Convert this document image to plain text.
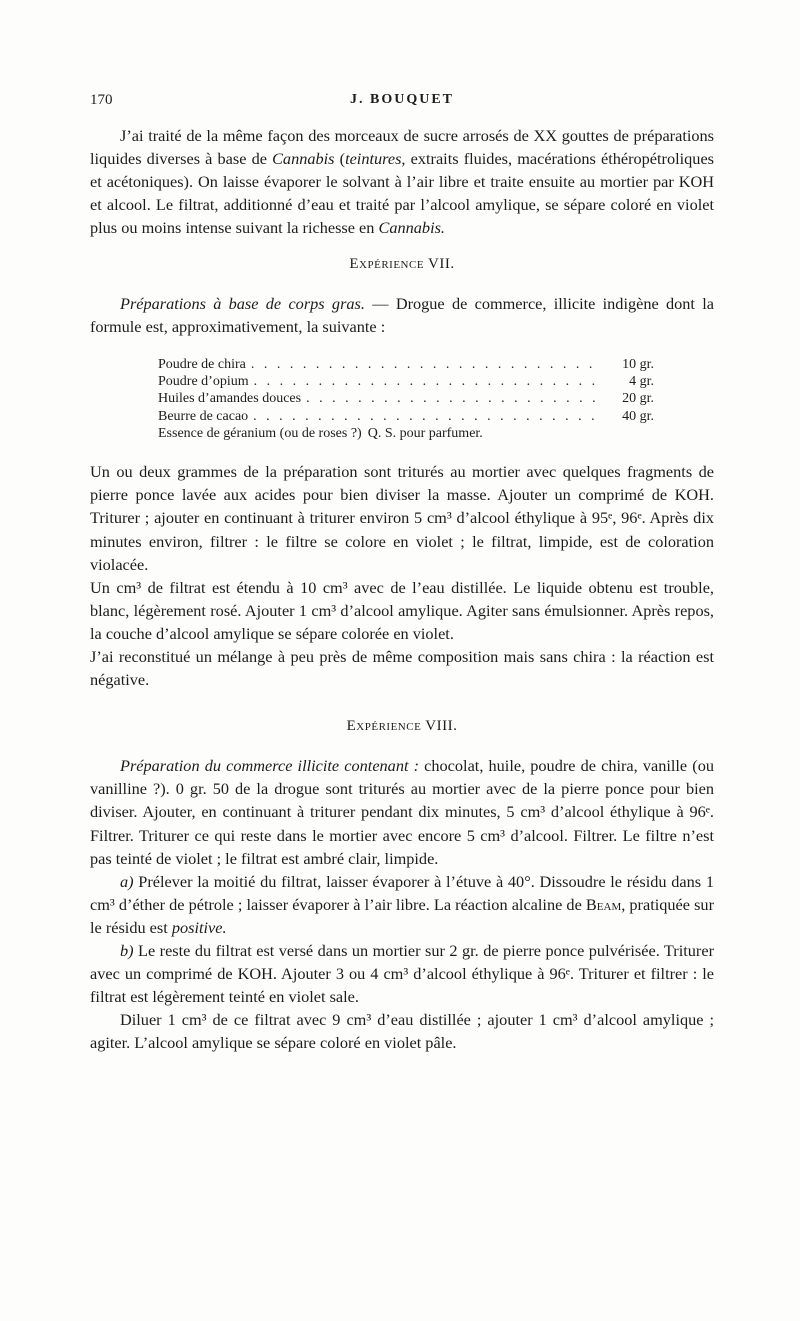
170	J. BOUQUET

J’ai traité de la même façon des morceaux de sucre arrosés de XX gouttes de préparations liquides diverses à base de Cannabis (teintures, extraits fluides, macérations éthéropétroliques et acétoniques). On laisse évaporer le solvant à l’air libre et traite ensuite au mortier par KOH et alcool. Le filtrat, additionné d’eau et traité par l’alcool amylique, se sépare coloré en violet plus ou moins intense suivant la richesse en Cannabis.

Expérience VII.

Préparations à base de corps gras. — Drogue de commerce, illicite indigène dont la formule est, approximativement, la suivante :

Poudre de chira . . .	10 gr.
Poudre d’opium . . .	4 gr.
Huiles d’amandes douces . . .	20 gr.
Beurre de cacao . . .	40 gr.
Essence de géranium (ou de roses ?) Q. S. pour parfumer.

Un ou deux grammes de la préparation sont triturés au mortier avec quelques fragments de pierre ponce lavée aux acides pour bien diviser la masse. Ajouter un comprimé de KOH. Triturer ; ajouter en continuant à triturer environ 5 cm³ d’alcool éthylique à 95ᵉ, 96ᵉ. Après dix minutes environ, filtrer : le filtre se colore en violet ; le filtrat, limpide, est de coloration violacée.

Un cm³ de filtrat est étendu à 10 cm³ avec de l’eau distillée. Le liquide obtenu est trouble, blanc, légèrement rosé. Ajouter 1 cm³ d’alcool amylique. Agiter sans émulsionner. Après repos, la couche d’alcool amylique se sépare colorée en violet.

J’ai reconstitué un mélange à peu près de même composition mais sans chira : la réaction est négative.

Expérience VIII.

Préparation du commerce illicite contenant : chocolat, huile, poudre de chira, vanille (ou vanilline ?). 0 gr. 50 de la drogue sont triturés au mortier avec de la pierre ponce pour bien diviser. Ajouter, en continuant à triturer pendant dix minutes, 5 cm³ d’alcool éthylique à 96ᵉ. Filtrer. Triturer ce qui reste dans le mortier avec encore 5 cm³ d’alcool. Filtrer. Le filtre n’est pas teinté de violet ; le filtrat est ambré clair, limpide.

a) Prélever la moitié du filtrat, laisser évaporer à l’étuve à 40°. Dissoudre le résidu dans 1 cm³ d’éther de pétrole ; laisser évaporer à l’air libre. La réaction alcaline de Beam, pratiquée sur le résidu est positive.

b) Le reste du filtrat est versé dans un mortier sur 2 gr. de pierre ponce pulvérisée. Triturer avec un comprimé de KOH. Ajouter 3 ou 4 cm³ d’alcool éthylique à 96ᵉ. Triturer et filtrer : le filtrat est légèrement teinté en violet sale.

Diluer 1 cm³ de ce filtrat avec 9 cm³ d’eau distillée ; ajouter 1 cm³ d’alcool amylique ; agiter. L’alcool amylique se sépare coloré en violet pâle.
